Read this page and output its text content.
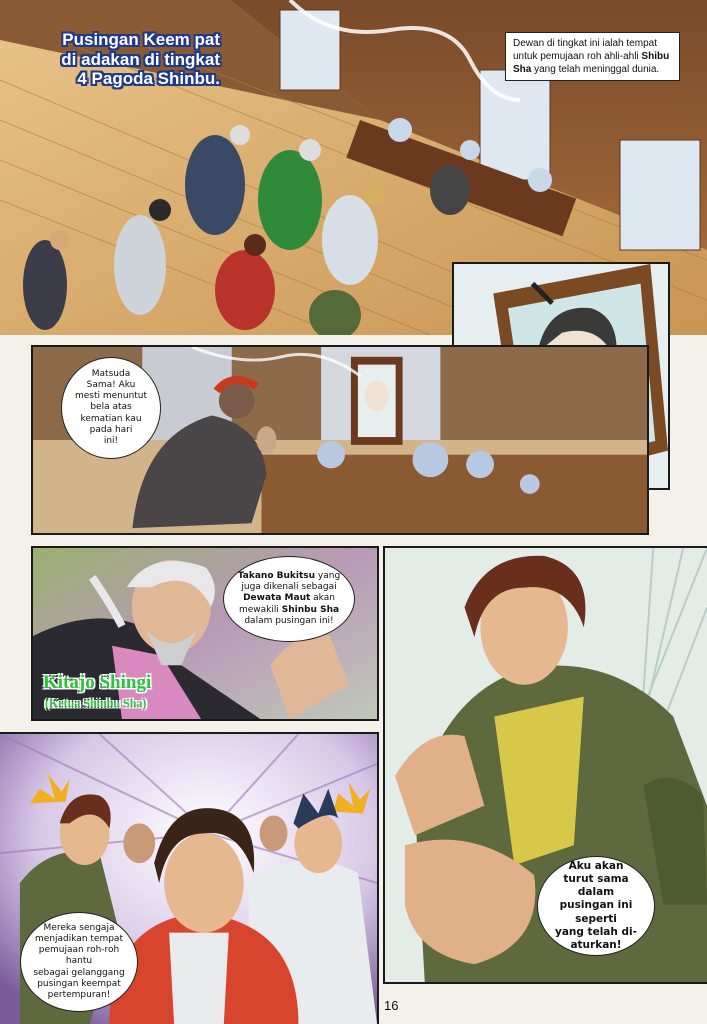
Pusingan Keem pat
di adakan di tingkat
4 Pagoda Shinbu.
Dewan di tingkat ini ialah tempat untuk pemujaan roh ahli-ahli Shibu Sha yang telah meninggal dunia.
Matsuda
Sama! Aku
mesti menuntut
bela atas
kematian kau
pada hari
ini!
Takano Bukitsu yang juga dikenali sebagai Dewata Maut akan mewakili Shinbu Sha dalam pusingan ini!
Kitajo Shingi
(Ketua Shinbu Sha)
Aku akan
turut sama dalam
pusingan ini seperti
yang telah di-
aturkan!
Mereka sengaja
menjadikan tempat
pemujaan roh-roh hantu
sebagai gelanggang
pusingan keempat
pertempuran!
16
